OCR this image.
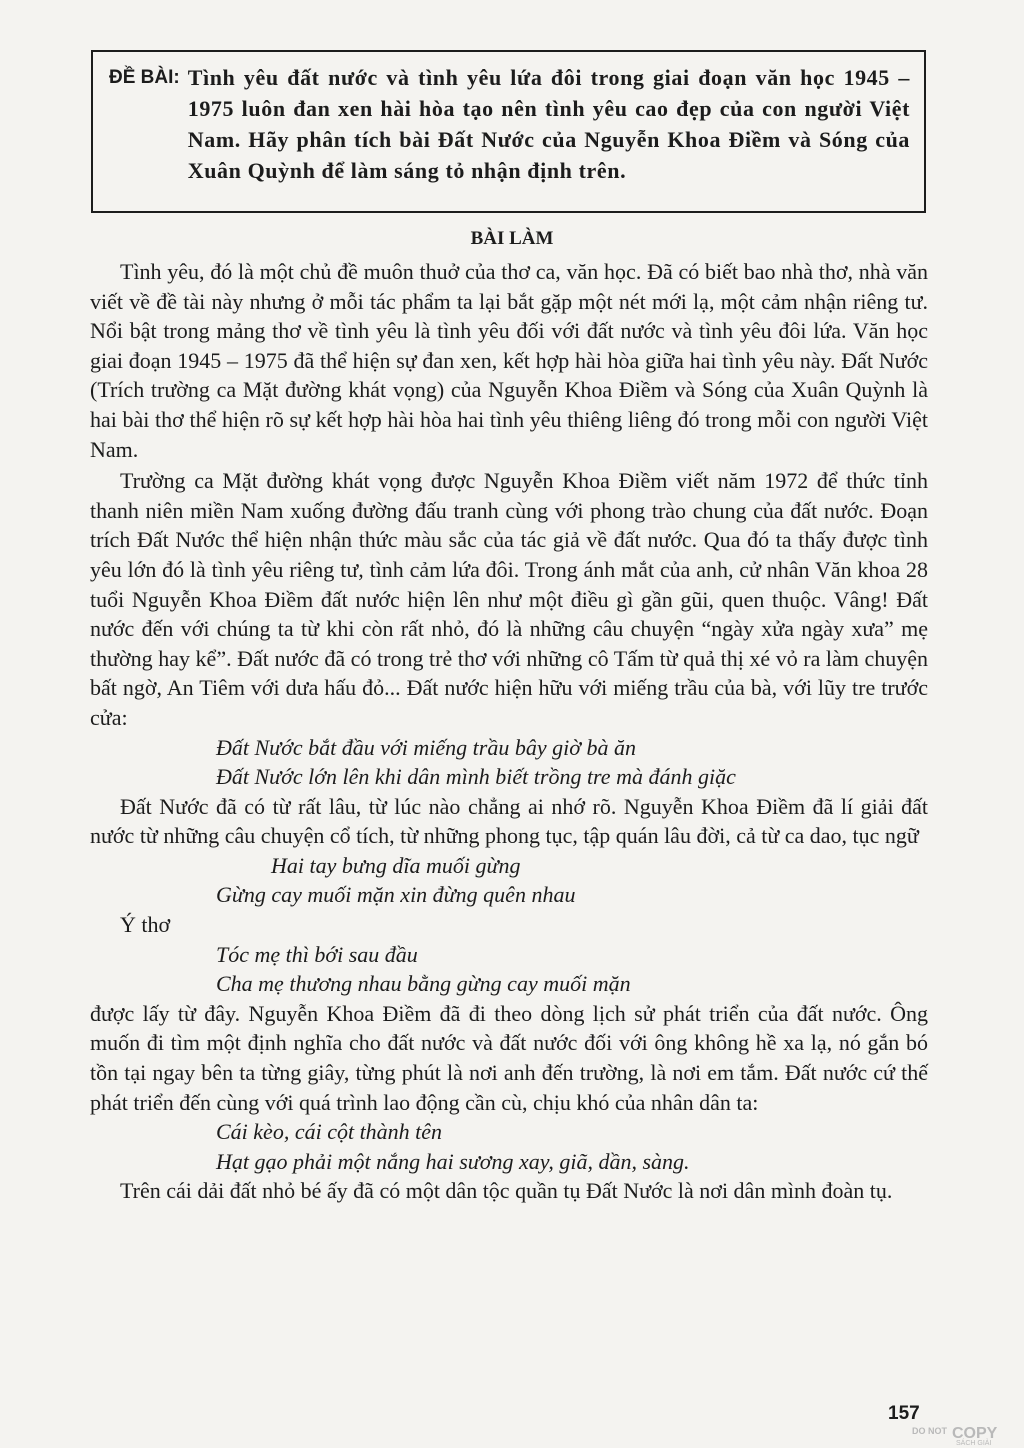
ĐỀ BÀI: Tình yêu đất nước và tình yêu lứa đôi trong giai đoạn văn học 1945 – 1975 luôn đan xen hài hòa tạo nên tình yêu cao đẹp của con người Việt Nam. Hãy phân tích bài Đất Nước của Nguyễn Khoa Điềm và Sóng của Xuân Quỳnh để làm sáng tỏ nhận định trên.
BÀI LÀM

Tình yêu, đó là một chủ đề muôn thuở của thơ ca, văn học. Đã có biết bao nhà thơ, nhà văn viết về đề tài này nhưng ở mỗi tác phẩm ta lại bắt gặp một nét mới lạ, một cảm nhận riêng tư. Nổi bật trong mảng thơ về tình yêu là tình yêu đối với đất nước và tình yêu đôi lứa. Văn học giai đoạn 1945 – 1975 đã thể hiện sự đan xen, kết hợp hài hòa giữa hai tình yêu này. Đất Nước (Trích trường ca Mặt đường khát vọng) của Nguyễn Khoa Điềm và Sóng của Xuân Quỳnh là hai bài thơ thể hiện rõ sự kết hợp hài hòa hai tình yêu thiêng liêng đó trong mỗi con người Việt Nam.

Trường ca Mặt đường khát vọng được Nguyễn Khoa Điềm viết năm 1972 để thức tỉnh thanh niên miền Nam xuống đường đấu tranh cùng với phong trào chung của đất nước. Đoạn trích Đất Nước thể hiện nhận thức màu sắc của tác giả về đất nước. Qua đó ta thấy được tình yêu lớn đó là tình yêu riêng tư, tình cảm lứa đôi. Trong ánh mắt của anh, cử nhân Văn khoa 28 tuổi Nguyễn Khoa Điềm đất nước hiện lên như một điều gì gần gũi, quen thuộc. Vâng! Đất nước đến với chúng ta từ khi còn rất nhỏ, đó là những câu chuyện “ngày xửa ngày xưa” mẹ thường hay kể”. Đất nước đã có trong trẻ thơ với những cô Tấm từ quả thị xé vỏ ra làm chuyện bất ngờ, An Tiêm với dưa hấu đỏ... Đất nước hiện hữu với miếng trầu của bà, với lũy tre trước cửa:

Đất Nước bắt đầu với miếng trầu bây giờ bà ăn

Đất Nước lớn lên khi dân mình biết trồng tre mà đánh giặc

Đất Nước đã có từ rất lâu, từ lúc nào chẳng ai nhớ rõ. Nguyễn Khoa Điềm đã lí giải đất nước từ những câu chuyện cổ tích, từ những phong tục, tập quán lâu đời, cả từ ca dao, tục ngữ

Hai tay bưng dĩa muối gừng

Gừng cay muối mặn xin đừng quên nhau

Ý thơ

Tóc mẹ thì bới sau đầu

Cha mẹ thương nhau bằng gừng cay muối mặn

được lấy từ đây. Nguyễn Khoa Điềm đã đi theo dòng lịch sử phát triển của đất nước. Ông muốn đi tìm một định nghĩa cho đất nước và đất nước đối với ông không hề xa lạ, nó gắn bó tồn tại ngay bên ta từng giây, từng phút là nơi anh đến trường, là nơi em tắm. Đất nước cứ thế phát triển đến cùng với quá trình lao động cần cù, chịu khó của nhân dân ta:

Cái kèo, cái cột thành tên

Hạt gạo phải một nắng hai sương xay, giã, dần, sàng.

Trên cái dải đất nhỏ bé ấy đã có một dân tộc quần tụ Đất Nước là nơi dân mình đoàn tụ.

157
DO NOT COPY
SÁCH GIẢI
